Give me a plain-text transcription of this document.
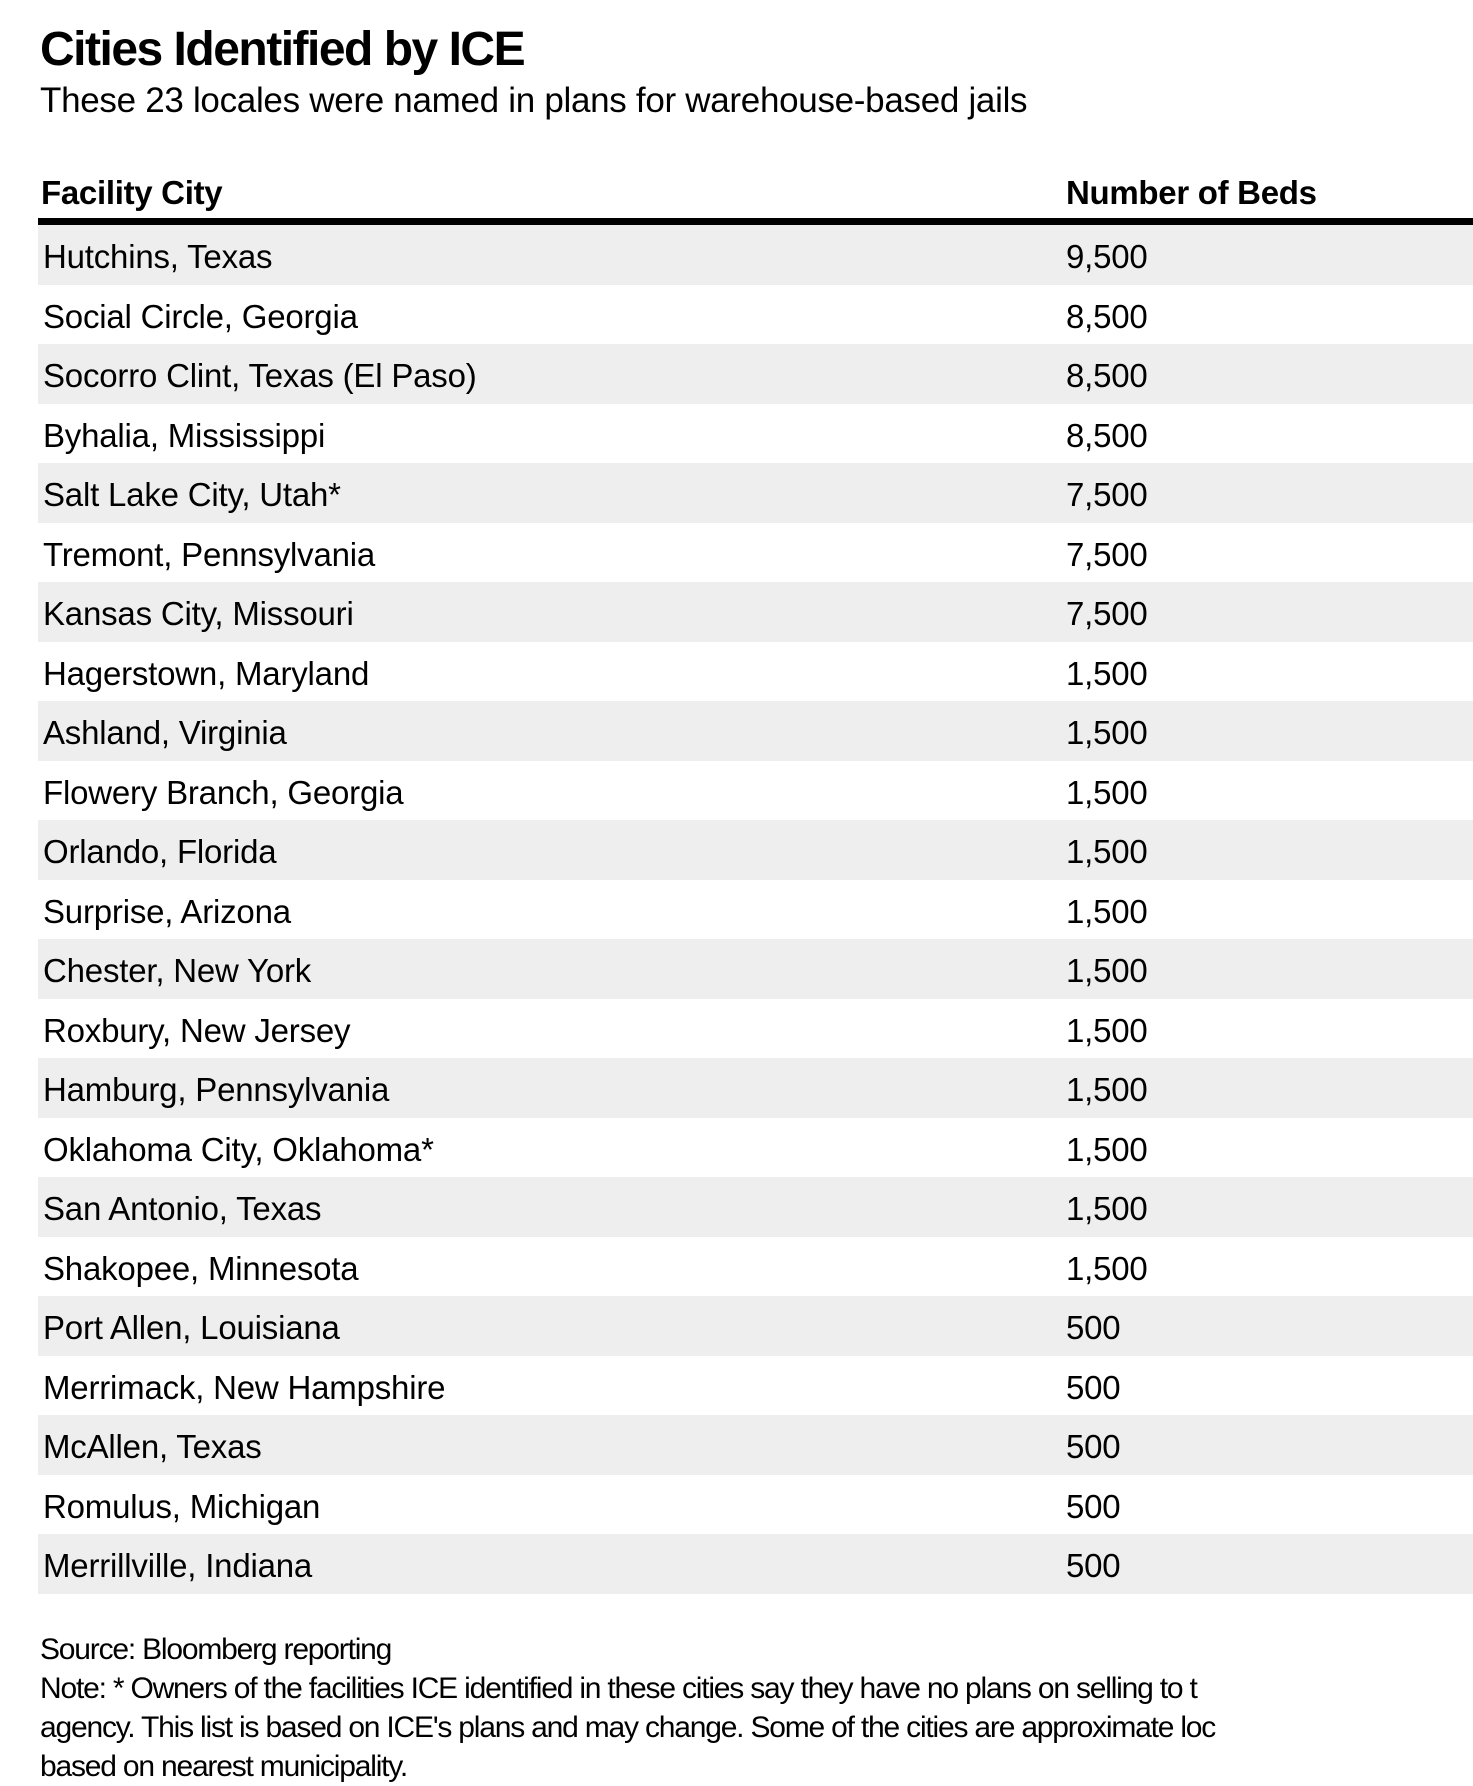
Cities Identified by ICE
These 23 locales were named in plans for warehouse-based jails
Facility City	Number of Beds
Hutchins, Texas	9,500
Social Circle, Georgia	8,500
Socorro Clint, Texas (El Paso)	8,500
Byhalia, Mississippi	8,500
Salt Lake City, Utah*	7,500
Tremont, Pennsylvania	7,500
Kansas City, Missouri	7,500
Hagerstown, Maryland	1,500
Ashland, Virginia	1,500
Flowery Branch, Georgia	1,500
Orlando, Florida	1,500
Surprise, Arizona	1,500
Chester, New York	1,500
Roxbury, New Jersey	1,500
Hamburg, Pennsylvania	1,500
Oklahoma City, Oklahoma*	1,500
San Antonio, Texas	1,500
Shakopee, Minnesota	1,500
Port Allen, Louisiana	500
Merrimack, New Hampshire	500
McAllen, Texas	500
Romulus, Michigan	500
Merrillville, Indiana	500
Source: Bloomberg reporting
Note: * Owners of the facilities ICE identified in these cities say they have no plans on selling to t
agency. This list is based on ICE's plans and may change. Some of the cities are approximate loc
based on nearest municipality.
